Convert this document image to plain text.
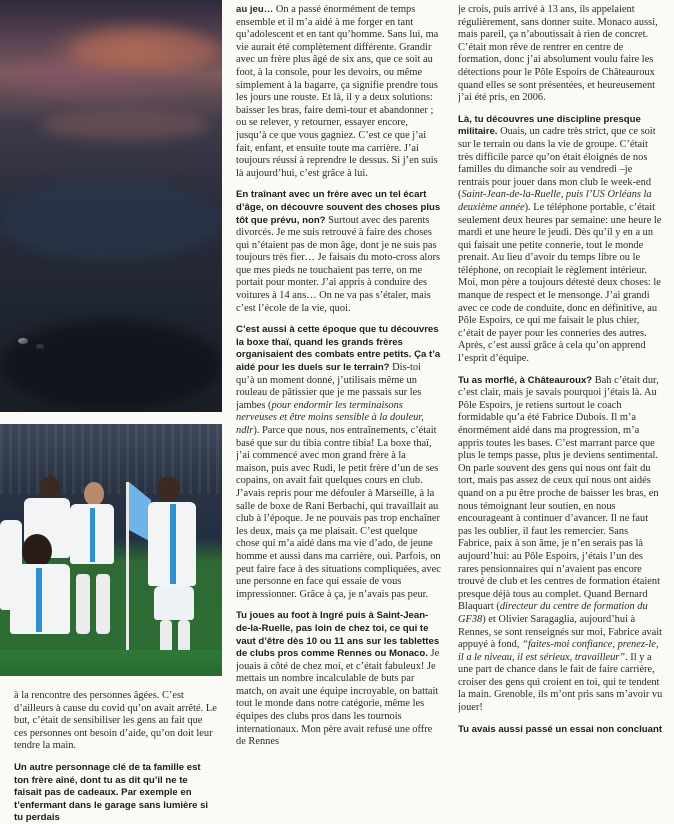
à la rencontre des personnes âgées. C’est d’ailleurs à cause du covid qu’on avait arrêté. Le but, c’était de sensibiliser les gens au fait que ces personnes ont besoin d’aide, qu’on doit leur tendre la main.

Un autre personnage clé de ta famille est ton frère aîné, dont tu as dit qu’il ne te faisait pas de cadeaux. Par exemple en t’enfermant dans le garage sans lumière si tu perdais

au jeu… On a passé énormément de temps ensemble et il m’a aidé à me forger en tant qu’adolescent et en tant qu’homme. Sans lui, ma vie aurait été complètement différente. Grandir avec un frère plus âgé de six ans, que ce soit au foot, à la console, pour les devoirs, ou même simplement à la bagarre, ça signifie prendre tous les jours une rouste. Et là, il y a deux solutions: baisser les bras, faire demi-tour et abandonner ; ou se relever, y retourner, essayer encore, jusqu’à ce que vous gagniez. C’est ce que j’ai fait, enfant, et ensuite toute ma carrière. J’ai toujours réussi à reprendre le dessus. Si j’en suis là aujourd’hui, c’est grâce à lui.

En traînant avec un frère avec un tel écart d’âge, on découvre souvent des choses plus tôt que prévu, non? Surtout avec des parents divorcés. Je me suis retrouvé à faire des choses qui n’étaient pas de mon âge, dont je ne suis pas toujours très fier… Je faisais du moto-cross alors que mes pieds ne touchaient pas terre, on me portait pour monter. J’ai appris à conduire des voitures à 14 ans… On ne va pas s’étaler, mais c’est l’école de la vie, quoi.

C’est aussi à cette époque que tu découvres la boxe thaï, quand les grands frères organisaient des combats entre petits. Ça t’a aidé pour les duels sur le terrain? Dis-toi qu’à un moment donné, j’utilisais même un rouleau de pâtissier que je me passais sur les jambes (pour endormir les terminaisons nerveuses et être moins sensible à la douleur, ndlr). Parce que nous, nos entraînements, c’était basé que sur du tibia contre tibia! La boxe thaï, j’ai commencé avec mon grand frère à la maison, puis avec Rudi, le petit frère d’un de ses copains, on avait fait quelques cours en club. J’avais repris pour me défouler à Marseille, à la salle de boxe de Rani Berbachi, qui travaillait au club à l’époque. Je ne pouvais pas trop enchaîner les deux, mais ça me plaisait. C’est quelque chose qui m’a aidé dans ma vie d’ado, de jeune homme et aussi dans ma carrière, oui. Parfois, on peut faire face à des situations compliquées, avec une personne en face qui essaie de vous impressionner. Grâce à ça, je n’avais pas peur.

Tu joues au foot à Ingré puis à Saint-Jean-de-la-Ruelle, pas loin de chez toi, ce qui te vaut d’être dès 10 ou 11 ans sur les tablettes de clubs pros comme Rennes ou Monaco. Je jouais à côté de chez moi, et c’était fabuleux! Je mettais un nombre incalculable de buts par match, on avait une équipe incroyable, on battait tout le monde dans notre catégorie, même les équipes des clubs pros dans les tournois internationaux. Mon père avait refusé une offre de Rennes

je crois, puis arrivé à 13 ans, ils appelaient régulièrement, sans donner suite. Monaco aussi, mais pareil, ça n’aboutissait à rien de concret. C’était mon rêve de rentrer en centre de formation, donc j’ai absolument voulu faire les détections pour le Pôle Espoirs de Châteauroux quand elles se sont présentées, et heureusement j’ai été pris, en 2006.

Là, tu découvres une discipline presque militaire. Ouais, un cadre très strict, que ce soit sur le terrain ou dans la vie de groupe. C’était très difficile parce qu’on était éloignés de nos familles du dimanche soir au vendredi –je rentrais pour jouer dans mon club le week-end (Saint-Jean-de-la-Ruelle, puis l’US Orléans la deuxième année). Le téléphone portable, c’était seulement deux heures par semaine: une heure le mardi et une heure le jeudi. Dès qu’il y en a un qui faisait une petite connerie, tout le monde prenait. Au lieu d’avoir du temps libre ou le téléphone, on recopiait le règlement intérieur. Moi, mon père a toujours détesté deux choses: le manque de respect et le mensonge. J’ai grandi avec ce code de conduite, donc en définitive, au Pôle Espoirs, ce qui me faisait le plus chier, c’était de payer pour les conneries des autres. Après, c’est aussi grâce à cela qu’on apprend l’esprit d’équipe.

Tu as morflé, à Châteauroux? Bah c’était dur, c’est clair, mais je savais pourquoi j’étais là. Au Pôle Espoirs, je retiens surtout le coach formidable qu’a été Fabrice Dubois. Il m’a énormément aidé dans ma progression, m’a appris toutes les bases. C’est marrant parce que plus le temps passe, plus je deviens sentimental. On parle souvent des gens qui nous ont fait du tort, mais pas assez de ceux qui nous ont aidés quand on a pu être proche de baisser les bras, en nous témoignant leur soutien, en nous encourageant à continuer d’avancer. Il ne faut pas les oublier, il faut les remercier. Sans Fabrice, paix à son âme, je n’en serais pas là aujourd’hui: au Pôle Espoirs, j’étais l’un des rares pensionnaires qui n’avaient pas encore trouvé de club et les centres de formation étaient presque déjà tous au complet. Quand Bernard Blaquart (directeur du centre de formation du GF38) et Olivier Saragaglia, aujourd’hui à Rennes, se sont renseignés sur moi, Fabrice avait appuyé à fond, “faites-moi confiance, prenez-le, il a le niveau, il est sérieux, travailleur”. Il y a une part de chance dans le fait de faire carrière, croiser des gens qui croient en toi, qui te tendent la main. Grenoble, ils m’ont pris sans m’avoir vu jouer!

Tu avais aussi passé un essai non concluant
